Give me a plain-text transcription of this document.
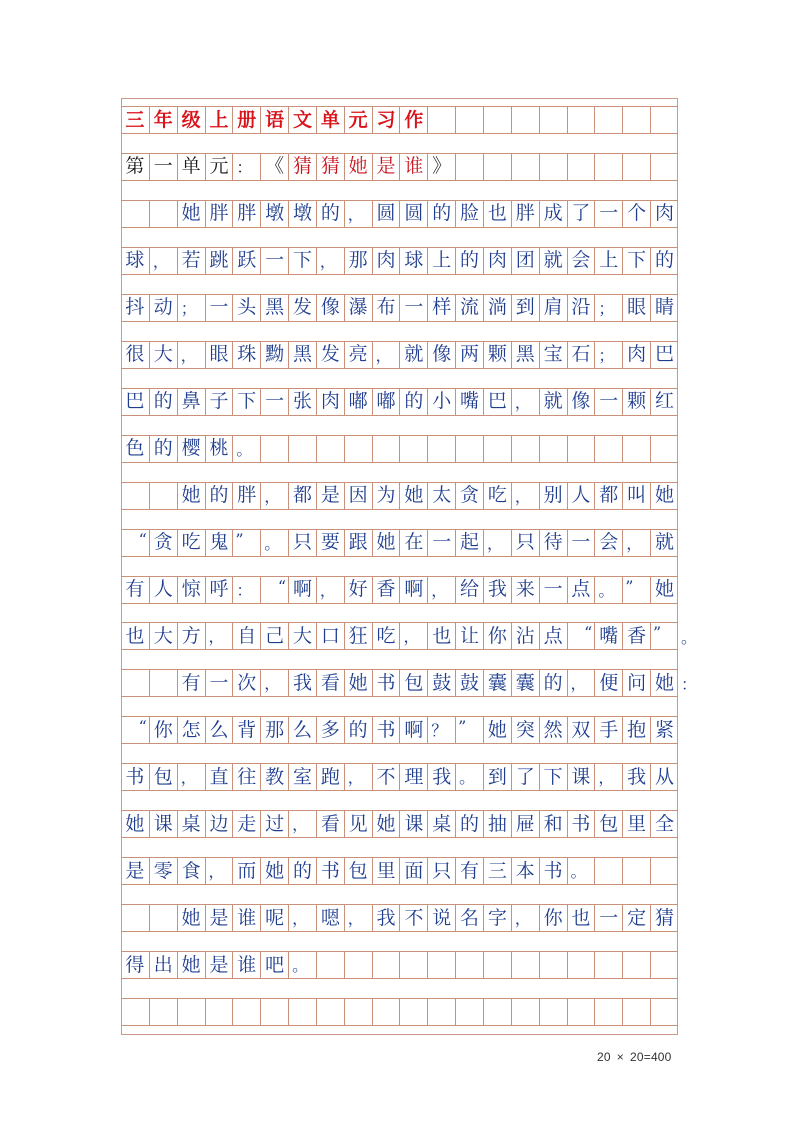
三 年 级 上 册 语 文 单 元 习 作
第 一 单 元 ： 《 猜 猜 她 是 谁 》
她 胖 胖 墩 墩 的 ， 圆 圆 的 脸 也 胖 成 了 一 个 肉
球 ， 若 跳 跃 一 下 ， 那 肉 球 上 的 肉 团 就 会 上 下 的
抖 动 ； 一 头 黑 发 像 瀑 布 一 样 流 淌 到 肩 沿 ； 眼 睛
很 大 ， 眼 珠 黝 黑 发 亮 ， 就 像 两 颗 黑 宝 石 ； 肉 巴
巴 的 鼻 子 下 一 张 肉 嘟 嘟 的 小 嘴 巴 ， 就 像 一 颗 红
色 的 樱 桃 。
她 的 胖 ， 都 是 因 为 她 太 贪 吃 ， 别 人 都 叫 她
“ 贪 吃 鬼 ”	。 只 要 跟 她 在 一 起 ， 只 待 一 会 ， 就
有 人 惊 呼 ：	“ 啊 ， 好 香 啊 ， 给 我 来 一 点 。 ”	她
也 大 方 ， 自 己 大 口 狂 吃 ， 也 让 你 沾 点	“ 嘴 香 ” 。
有 一 次 ， 我 看 她 书 包 鼓 鼓 囊 囊 的 ， 便 问 她 ：
“ 你 怎 么 背 那 么 多 的 书 啊 ？ ”	她 突 然 双 手 抱 紧
书 包 ， 直 往 教 室 跑 ， 不 理 我 。 到 了 下 课 ， 我 从
她 课 桌 边 走 过 ， 看 见 她 课 桌 的 抽 屉 和 书 包 里 全
是 零 食 ， 而 她 的 书 包 里 面 只 有 三 本 书 。
她 是 谁 呢 ， 嗯 ， 我 不 说 名 字 ， 你 也 一 定 猜
得 出 她 是 谁 吧 。
20 × 20=400
